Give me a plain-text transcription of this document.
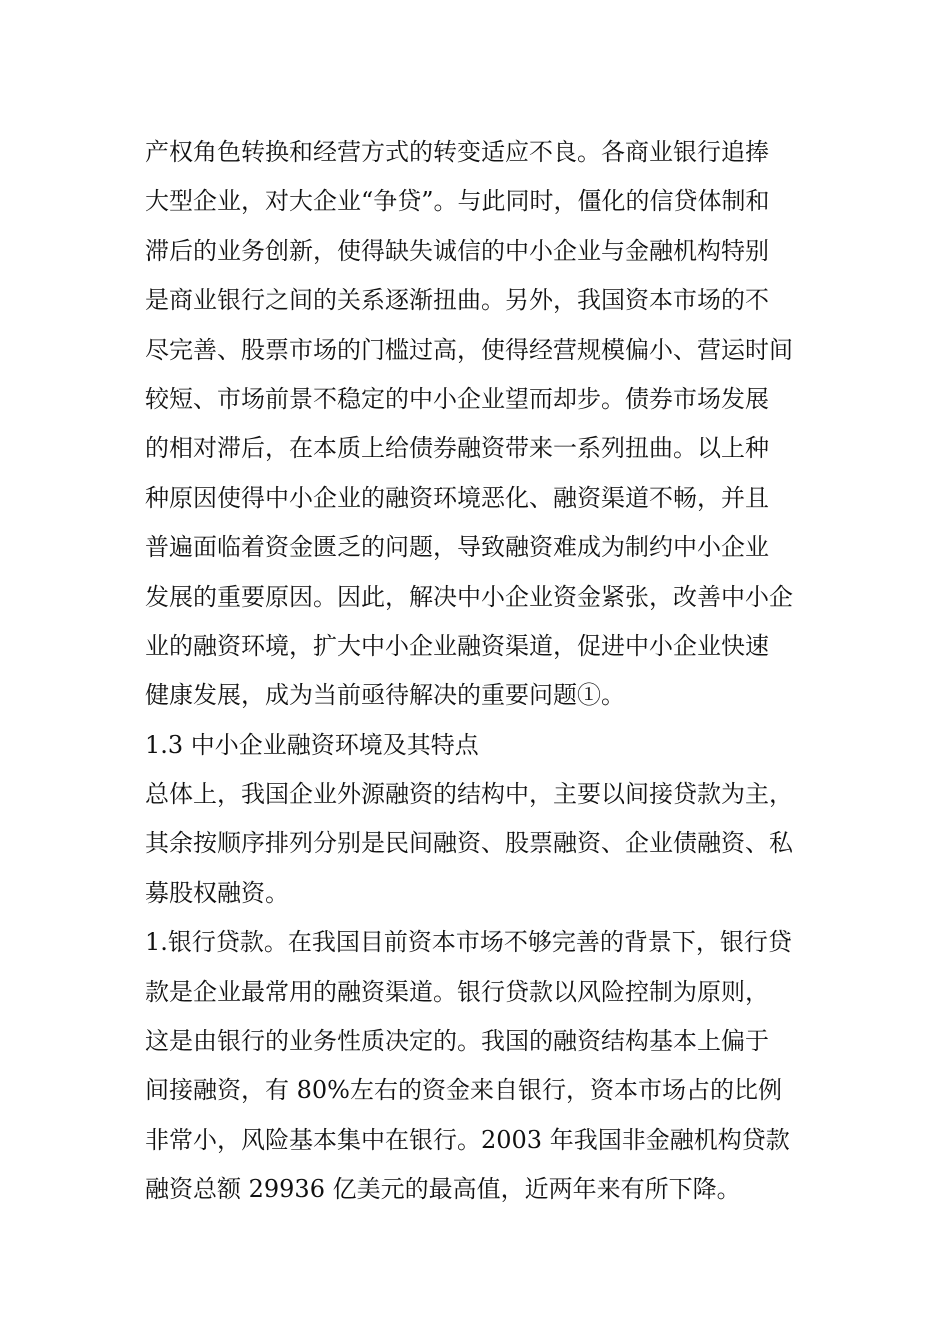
产权角色转换和经营方式的转变适应不良。各商业银行追捧
大型企业，对大企业“争贷”。与此同时，僵化的信贷体制和
滞后的业务创新，使得缺失诚信的中小企业与金融机构特别
是商业银行之间的关系逐渐扭曲。另外，我国资本市场的不
尽完善、股票市场的门槛过高，使得经营规模偏小、营运时间
较短、市场前景不稳定的中小企业望而却步。债券市场发展
的相对滞后，在本质上给债券融资带来一系列扭曲。以上种
种原因使得中小企业的融资环境恶化、融资渠道不畅，并且
普遍面临着资金匮乏的问题，导致融资难成为制约中小企业
发展的重要原因。因此，解决中小企业资金紧张，改善中小企
业的融资环境，扩大中小企业融资渠道，促进中小企业快速
健康发展，成为当前亟待解决的重要问题①。
1.3 中小企业融资环境及其特点
总体上，我国企业外源融资的结构中，主要以间接贷款为主，
其余按顺序排列分别是民间融资、股票融资、企业债融资、私
募股权融资。
1.银行贷款。在我国目前资本市场不够完善的背景下，银行贷
款是企业最常用的融资渠道。银行贷款以风险控制为原则，
这是由银行的业务性质决定的。我国的融资结构基本上偏于
间接融资，有 80%左右的资金来自银行，资本市场占的比例
非常小，风险基本集中在银行。2003 年我国非金融机构贷款
融资总额 29936 亿美元的最高值，近两年来有所下降。
